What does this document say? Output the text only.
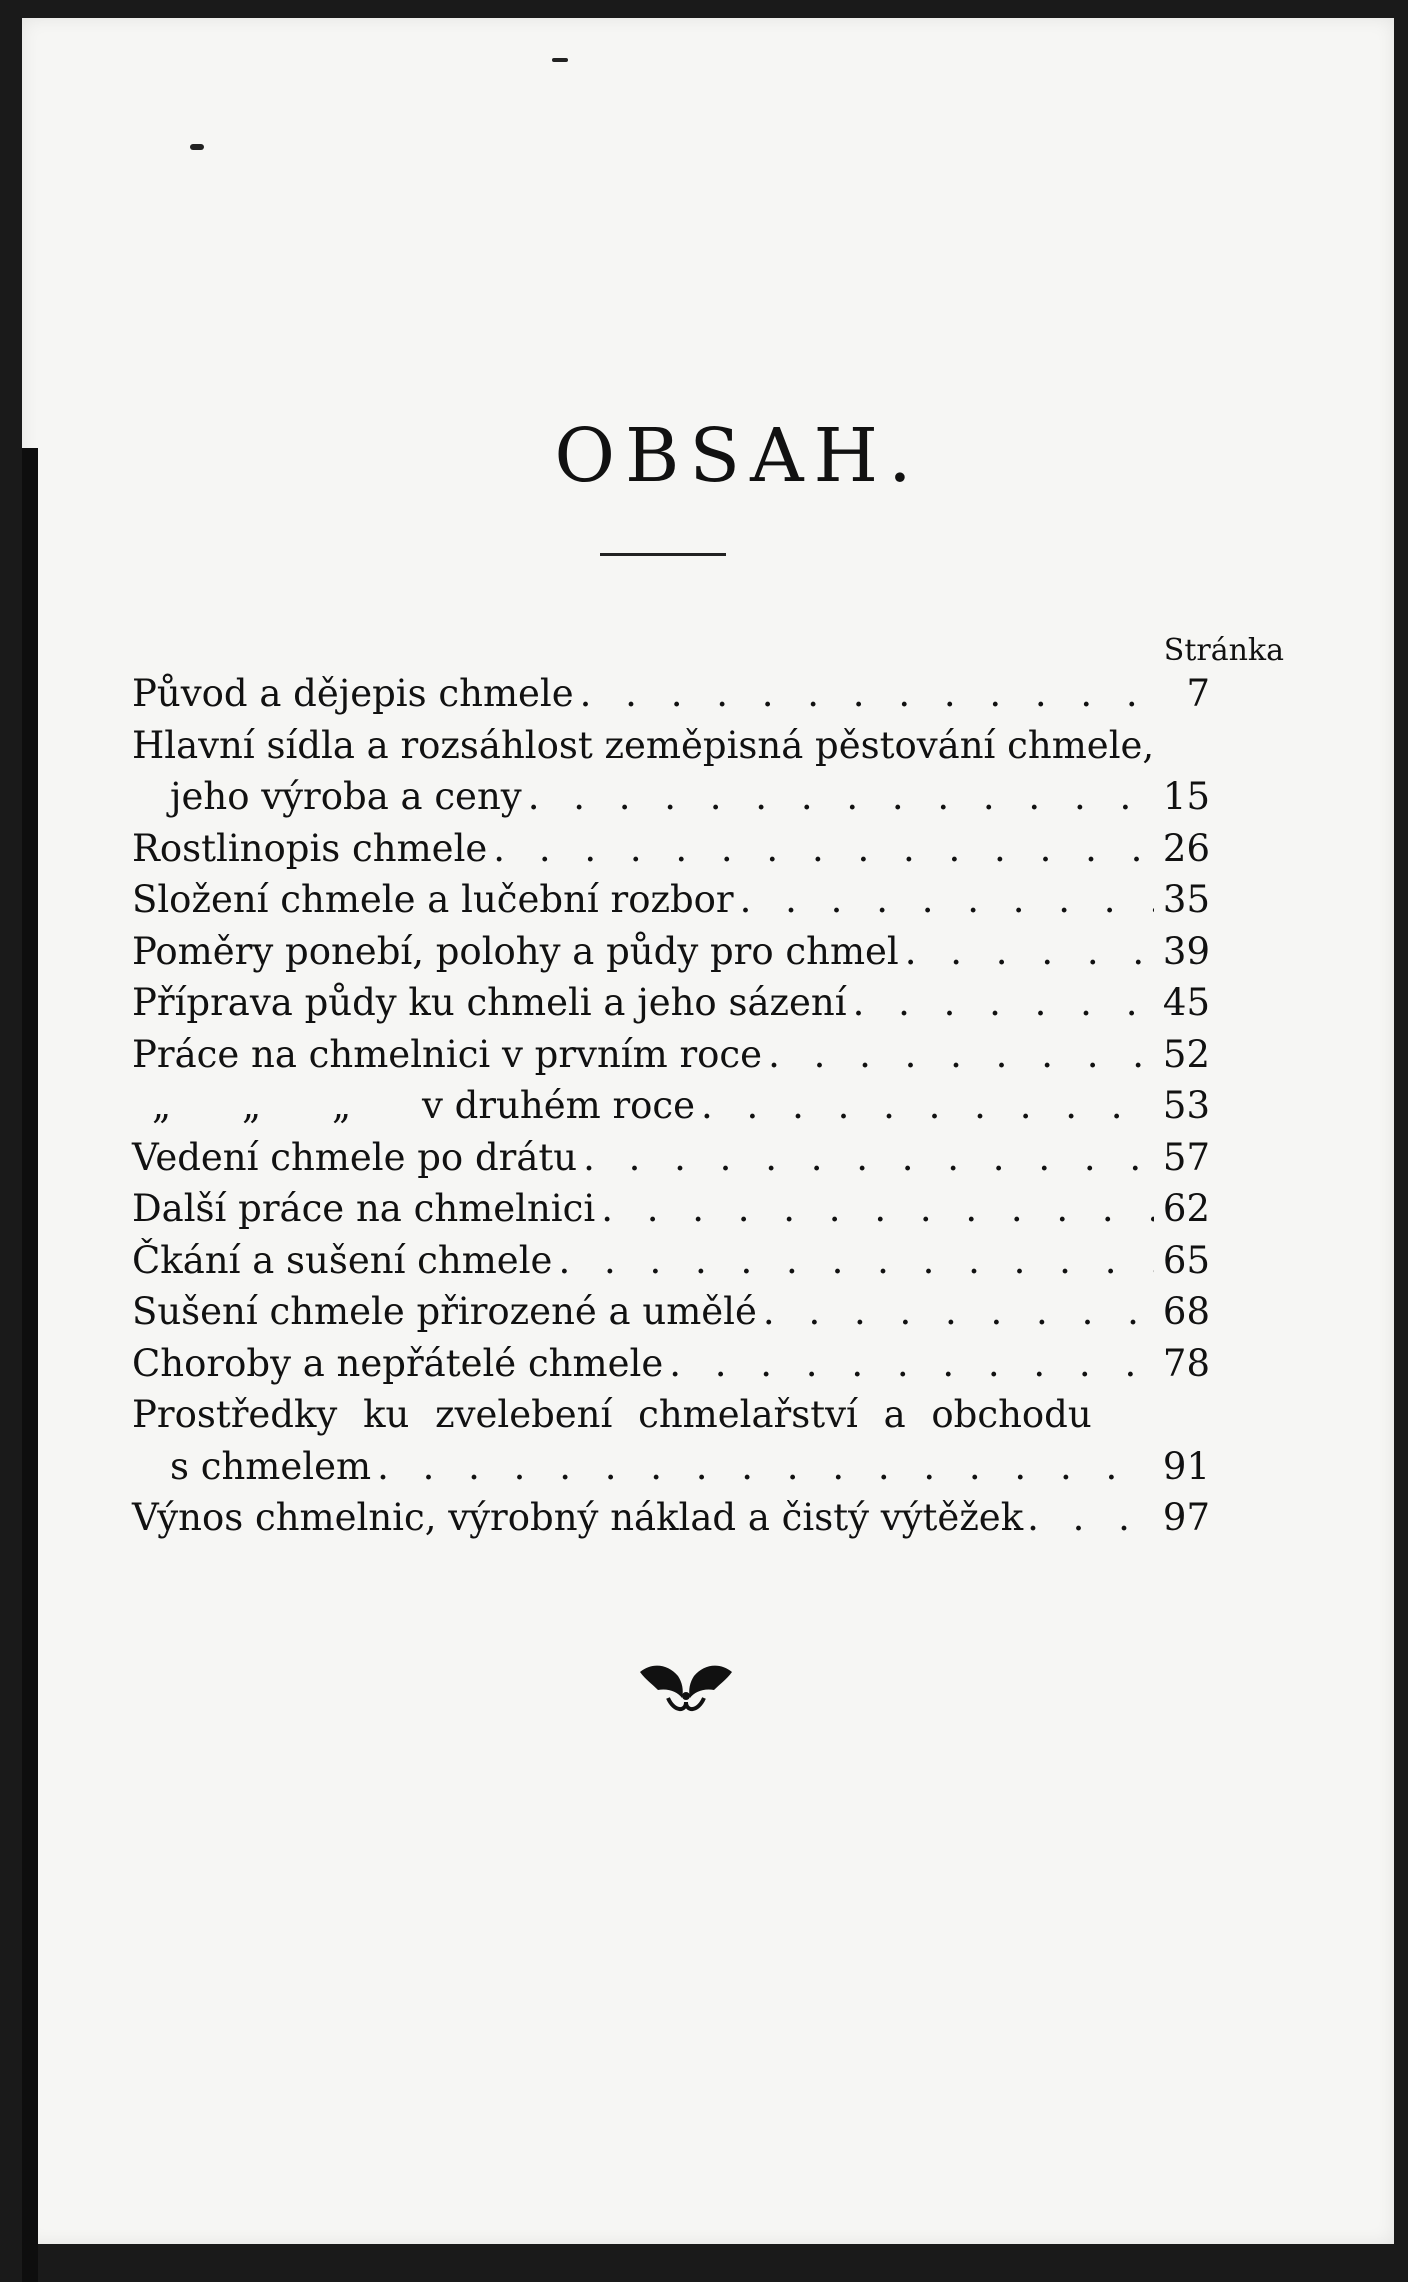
OBSAH.
Stránka
Původ a dějepis chmele . . .	7
Hlavní sídla a rozsáhlost zeměpisná pěstování chmele,
jeho výroba a ceny . . .	15
Rostlinopis chmele . . .	26
Složení chmele a lučební rozbor . . .	35
Poměry ponebí, polohy a půdy pro chmel . . .	39
Příprava půdy ku chmeli a jeho sázení . . .	45
Práce na chmelnici v prvním roce . . .	52
„ „ „	v druhém roce . . .	53
Vedení chmele po drátu . . .	57
Další práce na chmelnici . . .	62
Čkání a sušení chmele . . .	65
Sušení chmele přirozené a umělé . . .	68
Choroby a nepřátelé chmele . . .	78
Prostředky ku zvelebení chmelařství a obchodu
s chmelem . . .	91
Výnos chmelnic, výrobný náklad a čistý výtěžek . . .	97
